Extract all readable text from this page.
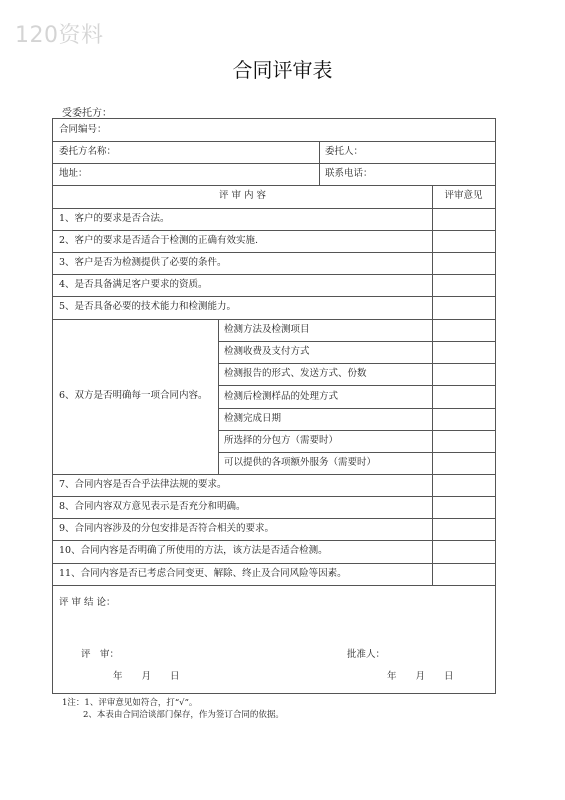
120资料
合同评审表
受委托方：
合同编号：
委托方名称：	委托人：
地址：	联系电话：
评 审 内 容	评审意见
1、客户的要求是否合法。
2、客户的要求是否适合于检测的正确有效实施.
3、客户是否为检测提供了必要的条件。
4、是否具备满足客户要求的资质。
5、是否具备必要的技术能力和检测能力。
6、双方是否明确每一项合同内容。
检测方法及检测项目
检测收费及支付方式
检测报告的形式、发送方式、份数
检测后检测样品的处理方式
检测完成日期
所选择的分包方（需要时）
可以提供的各项额外服务（需要时）
7、合同内容是否合乎法律法规的要求。
8、合同内容双方意见表示是否充分和明确。
9、合同内容涉及的分包安排是否符合相关的要求。
10、合同内容是否明确了所使用的方法，该方法是否适合检测。
11、合同内容是否已考虑合同变更、解除、终止及合同风险等因素。
评 审 结 论：
评　审：	批准人：
年　　月　　日	年　　月　　日
1注：1、评审意见如符合，打“√”。
2、本表由合同洽谈部门保存，作为签订合同的依据。
